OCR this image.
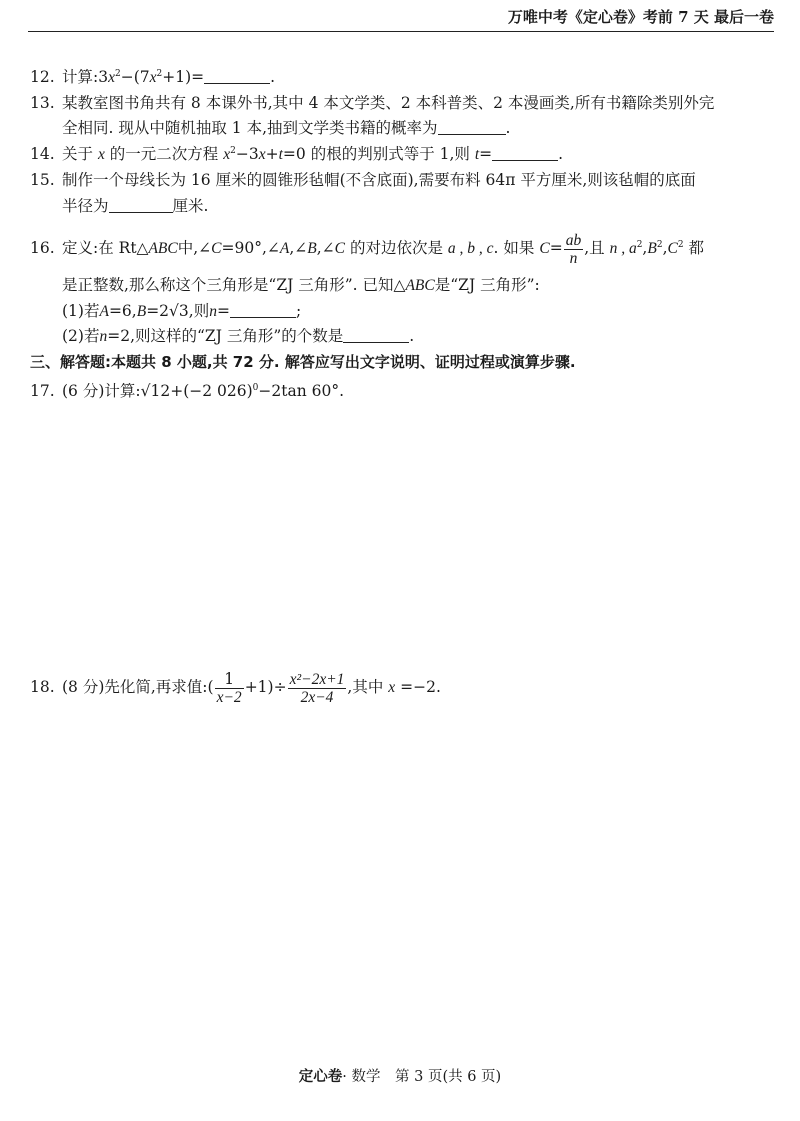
万唯中考《定心卷》考前 7 天 最后一卷
12. 计算$:3x^2-(7x^2+1)=$	.
13. 某教室图书角共有 8 本课外书,其中 4 本文学类、2 本科普类、2 本漫画类,所有书籍除类别外完
全相同. 现从中随机抽取 1 本,抽到文学类书籍的概率为	.
14. 关于 x 的一元二次方程 $x^2-3x+t=0$ 的根的判别式等于 1,则 t=	.
15. 制作一个母线长为 16 厘米的圆锥形毡帽(不含底面),需要布料 64π 平方厘米,则该毡帽的底面
半径为	厘米.
16. 定义:在 Rt△ABC中,∠C=90°,∠A,∠B,∠C 的对边依次是 a , b , c. 如果 $C= \frac{ab}{n}$ ,且 n , $a^2,B^2,C^2$ 都
是正整数,那么称这个三角形是“ZJ 三角形”. 已知△ABC是“ZJ 三角形”:
(1)若A=6,B=2√3,则n=	;
(2)若n=2,则这样的“ZJ 三角形”的个数是	.
三、解答题:本题共 8 小题,共 72 分. 解答应写出文字说明、证明过程或演算步骤.
17. (6 分)计算:√12+(−2 026)$^0$−2tan 60°.
18. (8 分)先化简,再求值:( $\frac{1}{x-2} +1)\div \frac{\text{x²−2x+1}}{2x-4}$ ,其中 x =−2.
定心卷· 数学　第 3 页(共 6 页)
